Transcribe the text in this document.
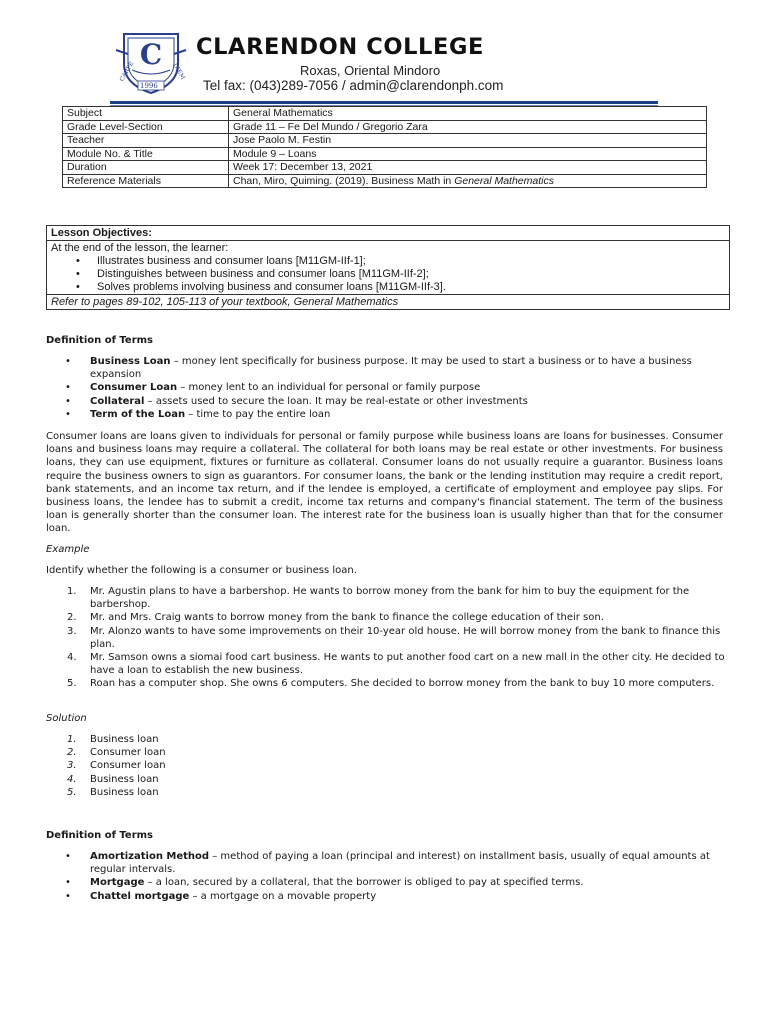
C
CARPE	DIEM
1996
CLARENDON COLLEGE
Roxas, Oriental Mindoro
Tel fax: (043)289-7056 / admin@clarendonph.com
Subject	General Mathematics
Grade Level-Section	Grade 11 – Fe Del Mundo / Gregorio Zara
Teacher	Jose Paolo M. Festin
Module No. & Title	Module 9 – Loans
Duration	Week 17: December 13, 2021
Reference Materials	Chan, Miro, Quiming. (2019). Business Math in General Mathematics
Lesson Objectives:
At the end of the lesson, the learner:
• Illustrates business and consumer loans [M11GM-IIf-1];
• Distinguishes between business and consumer loans [M11GM-IIf-2];
• Solves problems involving business and consumer loans [M11GM-IIf-3].
Refer to pages 89-102, 105-113 of your textbook, General Mathematics
Definition of Terms
• Business Loan – money lent specifically for business purpose. It may be used to start a business or to have a business expansion
• Consumer Loan – money lent to an individual for personal or family purpose
• Collateral – assets used to secure the loan. It may be real-estate or other investments
• Term of the Loan – time to pay the entire loan
Consumer loans are loans given to individuals for personal or family purpose while business loans are loans for businesses. Consumer loans and business loans may require a collateral. The collateral for both loans may be real estate or other investments. For business loans, they can use equipment, fixtures or furniture as collateral. Consumer loans do not usually require a guarantor. Business loans require the business owners to sign as guarantors. For consumer loans, the bank or the lending institution may require a credit report, bank statements, and an income tax return, and if the lendee is employed, a certificate of employment and employee pay slips. For business loans, the lendee has to submit a credit, income tax returns and company's financial statement. The term of the business loan is generally shorter than the consumer loan. The interest rate for the business loan is usually higher than that for the consumer loan.
Example
Identify whether the following is a consumer or business loan.
1. Mr. Agustin plans to have a barbershop. He wants to borrow money from the bank for him to buy the equipment for the barbershop.
2. Mr. and Mrs. Craig wants to borrow money from the bank to finance the college education of their son.
3. Mr. Alonzo wants to have some improvements on their 10-year old house. He will borrow money from the bank to finance this plan.
4. Mr. Samson owns a siomai food cart business. He wants to put another food cart on a new mall in the other city. He decided to have a loan to establish the new business.
5. Roan has a computer shop. She owns 6 computers. She decided to borrow money from the bank to buy 10 more computers.
Solution
1. Business loan
2. Consumer loan
3. Consumer loan
4. Business loan
5. Business loan
Definition of Terms
• Amortization Method – method of paying a loan (principal and interest) on installment basis, usually of equal amounts at regular intervals.
• Mortgage – a loan, secured by a collateral, that the borrower is obliged to pay at specified terms.
• Chattel mortgage – a mortgage on a movable property
